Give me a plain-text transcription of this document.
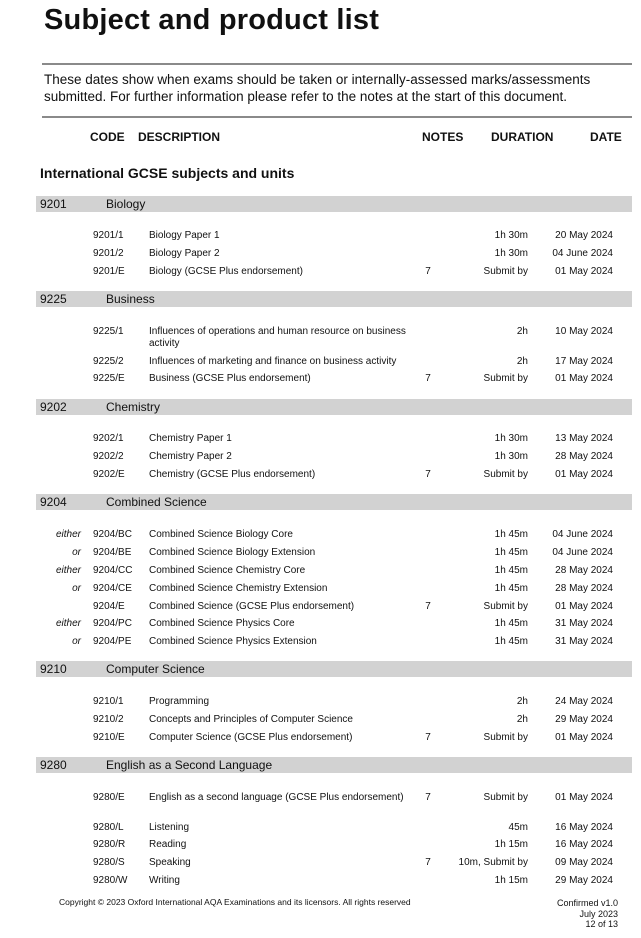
Subject and product list
These dates show when exams should be taken or internally-assessed marks/assessments submitted. For further information please refer to the notes at the start of this document.
CODE DESCRIPTION	NOTES DURATION	DATE
International GCSE subjects and units
9201	Biology
9201/1	Biology Paper 1	1h 30m	20 May 2024
9201/2	Biology Paper 2	1h 30m	04 June 2024
9201/E Biology (GCSE Plus endorsement)	7	Submit by	01 May 2024
9225	Business
9225/1	Influences of operations and human resource on business activity
2h	10 May 2024
9225/2	Influences of marketing and finance on business activity	2h	17 May 2024
9225/E Business (GCSE Plus endorsement)	7	Submit by	01 May 2024
9202	Chemistry
9202/1	Chemistry Paper 1	1h 30m	13 May 2024
9202/2	Chemistry Paper 2	1h 30m	28 May 2024
9202/E Chemistry (GCSE Plus endorsement)	7	Submit by	01 May 2024
9204	Combined Science
either 9204/BC Combined Science Biology Core	1h 45m	04 June 2024
or 9204/BE Combined Science Biology Extension	1h 45m	04 June 2024
either 9204/CC Combined Science Chemistry Core	1h 45m	28 May 2024
or 9204/CE Combined Science Chemistry Extension	1h 45m	28 May 2024
9204/E Combined Science (GCSE Plus endorsement)	7	Submit by	01 May 2024
either 9204/PC Combined Science Physics Core	1h 45m	31 May 2024
or 9204/PE Combined Science Physics Extension	1h 45m	31 May 2024
9210	Computer Science
9210/1	Programming	2h	24 May 2024
9210/2	Concepts and Principles of Computer Science	2h	29 May 2024
9210/E Computer Science (GCSE Plus endorsement)	7	Submit by	01 May 2024
9280	English as a Second Language
9280/E English as a second language (GCSE Plus endorsement)	7	Submit by	01 May 2024
9280/L	Listening	45m	16 May 2024
9280/R Reading	1h 15m	16 May 2024
9280/S Speaking	7	10m, Submit by	09 May 2024
9280/W Writing	1h 15m	29 May 2024
Copyright © 2023 Oxford International AQA Examinations and its licensors. All rights reserved	Confirmed v1.0
July 2023
12 of 13
